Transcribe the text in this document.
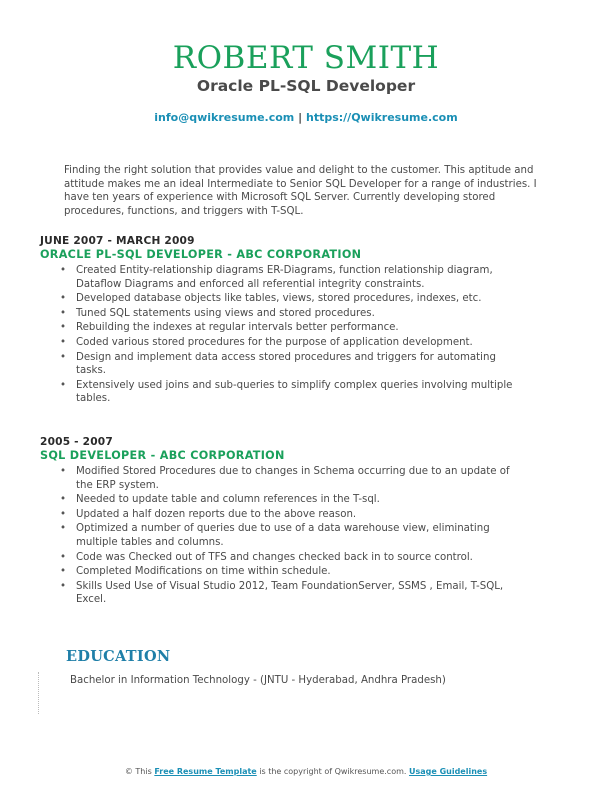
ROBERT SMITH
Oracle PL-SQL Developer
info@qwikresume.com | https://Qwikresume.com

Finding the right solution that provides value and delight to the customer. This aptitude and attitude makes me an ideal Intermediate to Senior SQL Developer for a range of industries. I have ten years of experience with Microsoft SQL Server. Currently developing stored procedures, functions, and triggers with T-SQL.

JUNE 2007 - MARCH 2009
ORACLE PL-SQL DEVELOPER - ABC CORPORATION
• Created Entity-relationship diagrams ER-Diagrams, function relationship diagram, Dataflow Diagrams and enforced all referential integrity constraints.
• Developed database objects like tables, views, stored procedures, indexes, etc.
• Tuned SQL statements using views and stored procedures.
• Rebuilding the indexes at regular intervals better performance.
• Coded various stored procedures for the purpose of application development.
• Design and implement data access stored procedures and triggers for automating tasks.
• Extensively used joins and sub-queries to simplify complex queries involving multiple tables.
2005 - 2007
SQL DEVELOPER - ABC CORPORATION
• Modified Stored Procedures due to changes in Schema occurring due to an update of the ERP system.
• Needed to update table and column references in the T-sql.
• Updated a half dozen reports due to the above reason.
• Optimized a number of queries due to use of a data warehouse view, eliminating multiple tables and columns.
• Code was Checked out of TFS and changes checked back in to source control.
• Completed Modifications on time within schedule.
• Skills Used Use of Visual Studio 2012, Team FoundationServer, SSMS , Email, T-SQL, Excel.
EDUCATION
Bachelor in Information Technology - (JNTU - Hyderabad, Andhra Pradesh)
© This Free Resume Template is the copyright of Qwikresume.com. Usage Guidelines
